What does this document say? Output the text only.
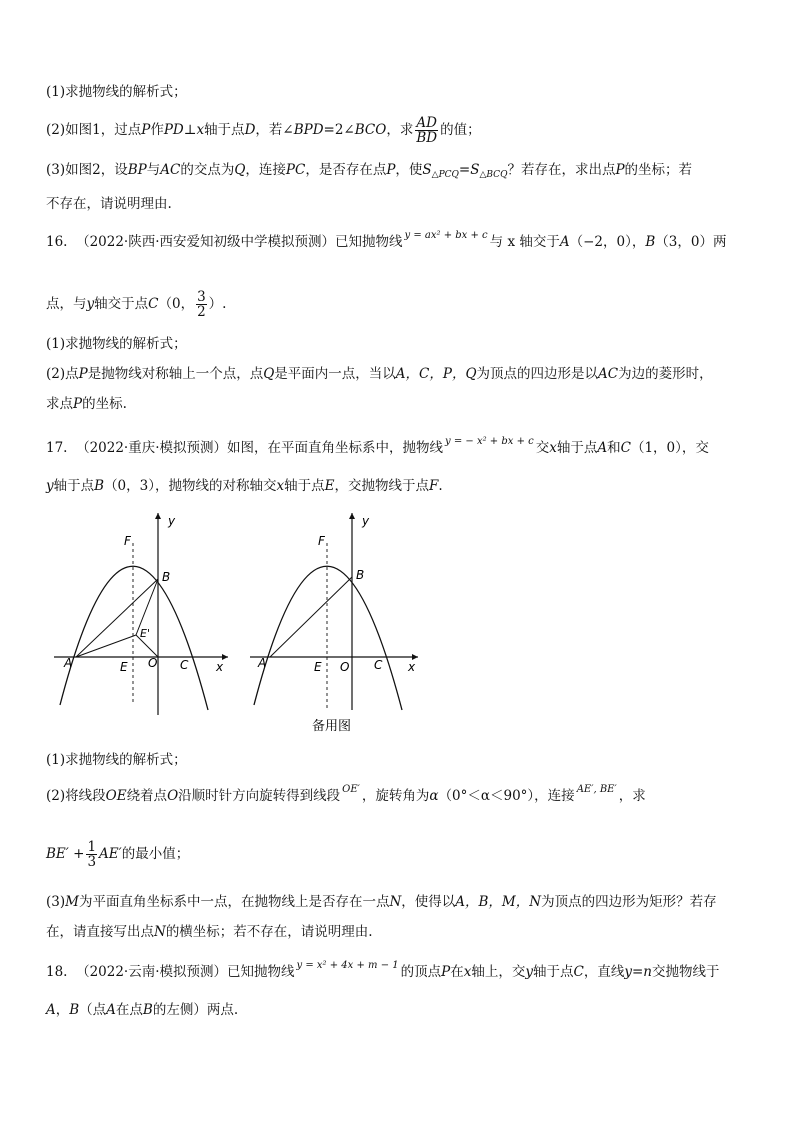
(1)求抛物线的解析式；
(2)如图1，过点P作PD⊥x轴于点D，若∠BPD=2∠BCO，求 $\frac{AD}{BD}$ 的值；
(3)如图2，设BP与AC的交点为Q，连接PC，是否存在点P，使$S_{\triangle PCQ}=S_{\triangle BCQ}$？若存在，求出点P的坐标；若
不存在，请说明理由.
16. （2022·陕西·西安爱知初级中学模拟预测）已知抛物线 $^{y = ax^2 + bx + c}$ 与 x 轴交于A（−2，0），B（3，0）两
点，与y轴交于点C（0， $\frac{3}{2}$ ）.
(1)求抛物线的解析式；
(2)点P是抛物线对称轴上一个点，点Q是平面内一点，当以A，C，P，Q为顶点的四边形是以AC为边的菱形时，
求点P的坐标.
17. （2022·重庆·模拟预测）如图，在平面直角坐标系中，抛物线 $^{y = - x^2 + bx + c}$ 交x轴于点A和C（1，0），交
y轴于点B（0，3），抛物线的对称轴交x轴于点E，交抛物线于点F.
F
B
E'
A	E O C x
y
F
B
A	E O C x
y
备用图
(1)求抛物线的解析式；
(2)将线段OE绕着点O沿顺时针方向旋转得到线段 $^{OE'}$ ，旋转角为α（0°＜α＜90°），连接 $^{AE', BE'}$ ，求
$BE' + \frac{1}{3} AE'$的最小值；
(3)M为平面直角坐标系中一点，在抛物线上是否存在一点N，使得以A，B，M，N为顶点的四边形为矩形？若存
在，请直接写出点N的横坐标；若不存在，请说明理由.
18. （2022·云南·模拟预测）已知抛物线 $^{y = x^2 + 4x + m - 1}$ 的顶点P在x轴上，交y轴于点C，直线y=n交抛物线于
A，B（点A在点B的左侧）两点.
